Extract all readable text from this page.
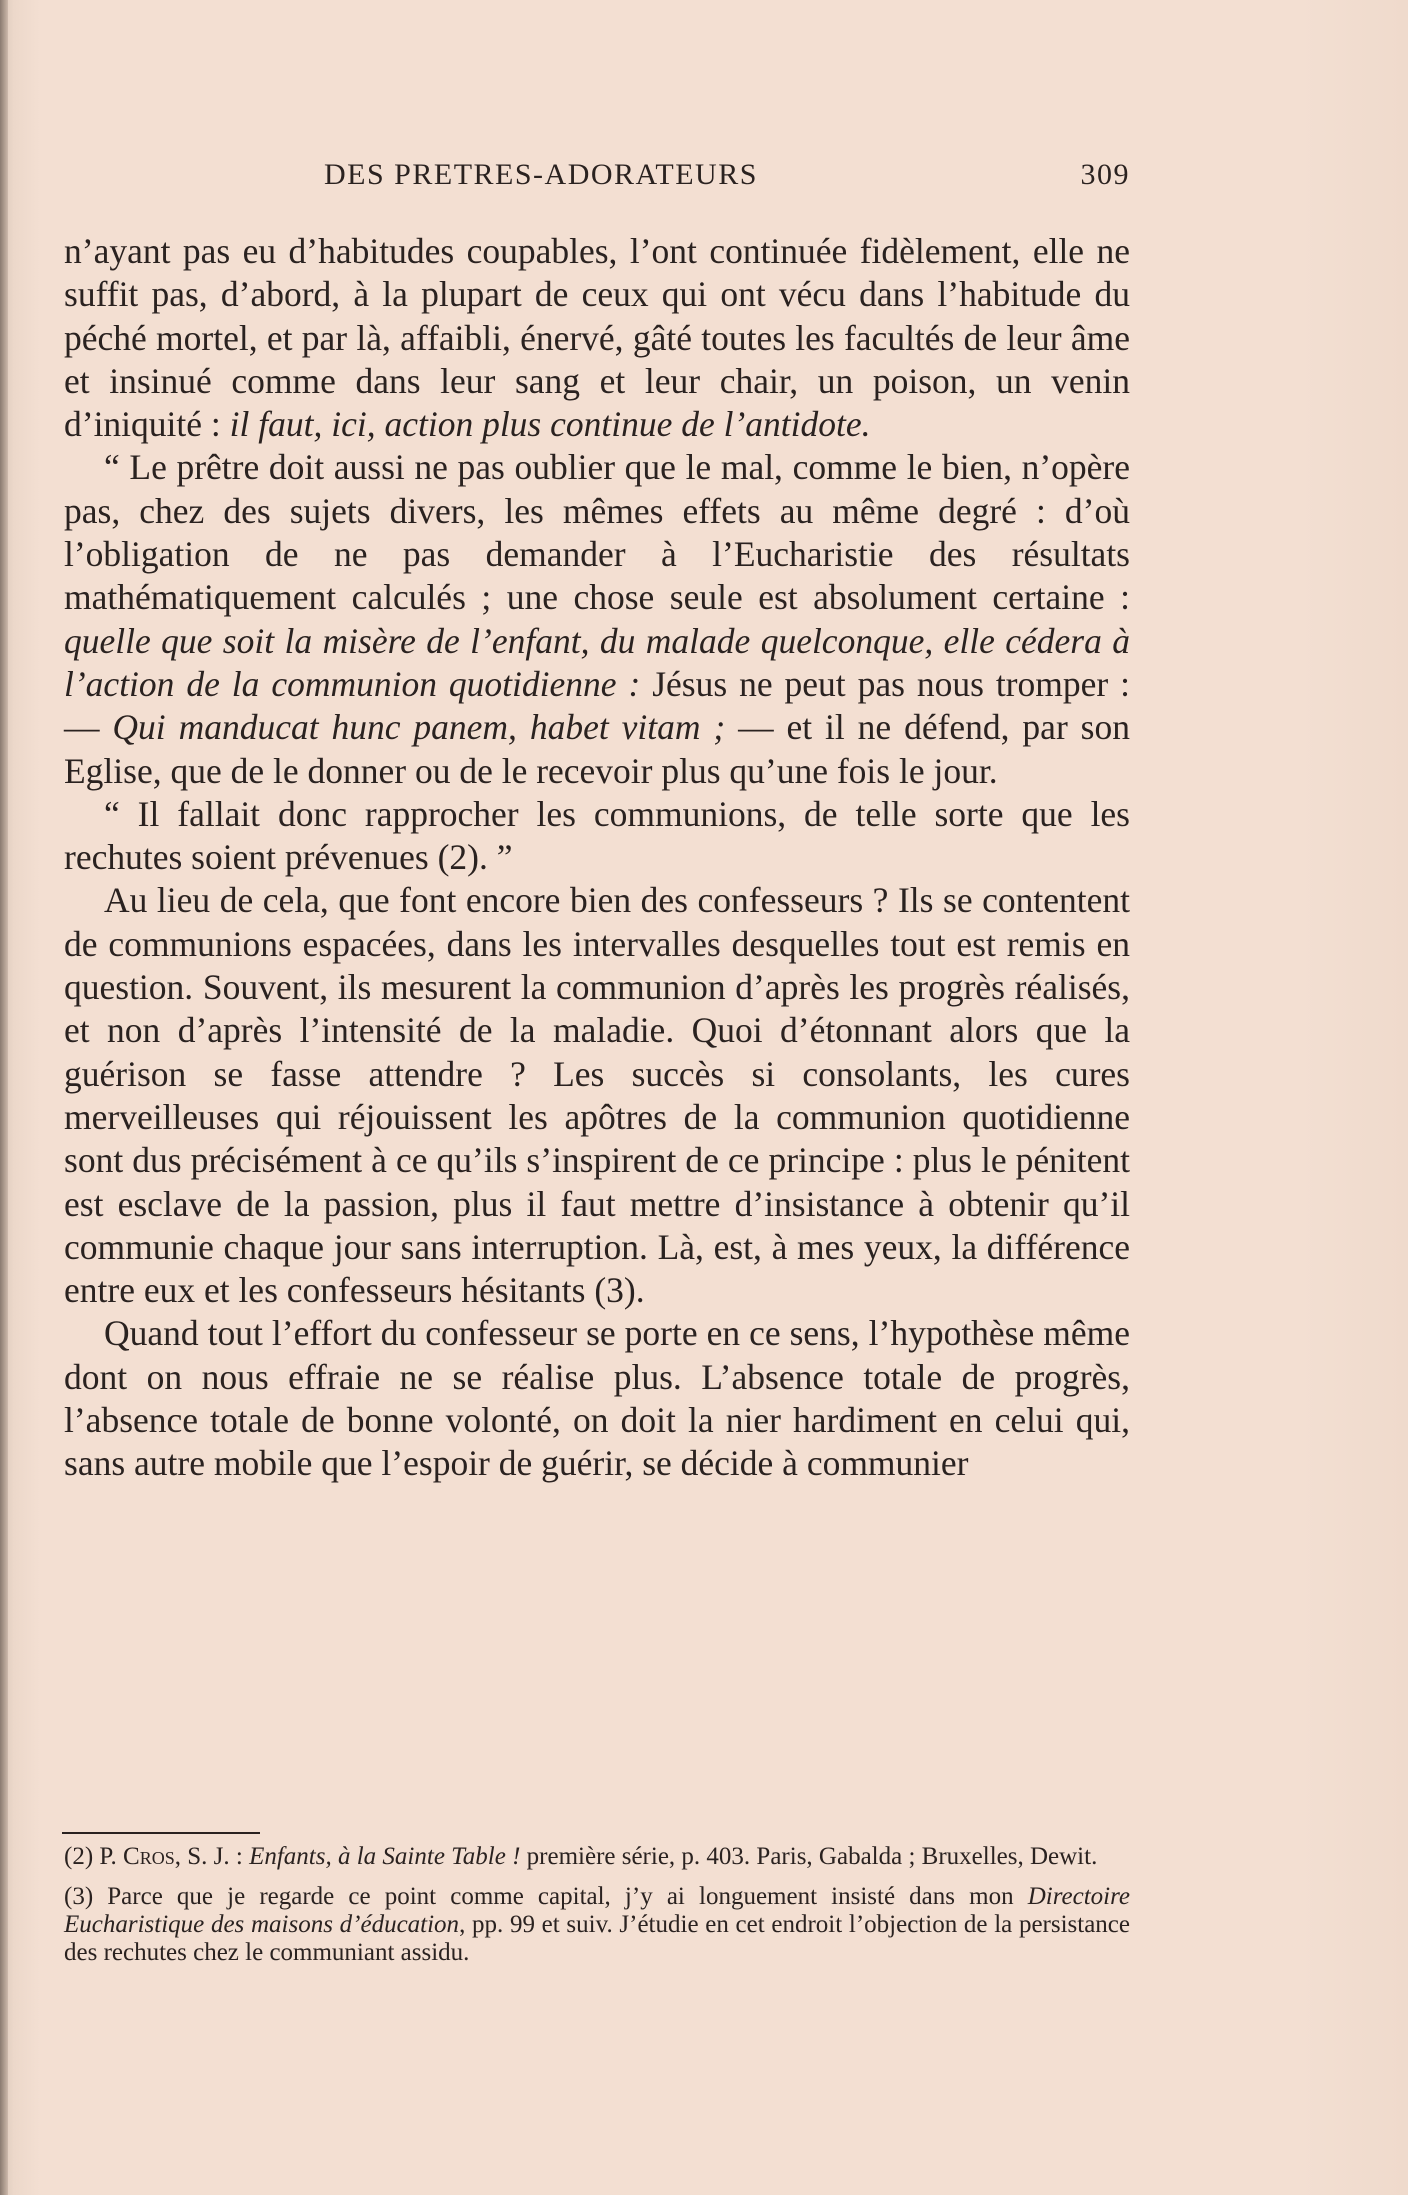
DES PRETRES-ADORATEURS	309

n’ayant pas eu d’habitudes coupables, l’ont continuée fidèlement, elle ne suffit pas, d’abord, à la plupart de ceux qui ont vécu dans l’habitude du péché mortel, et par là, affaibli, énervé, gâté toutes les facultés de leur âme et insinué comme dans leur sang et leur chair, un poison, un venin d’iniquité : il faut, ici, action plus continue de l’antidote.

“ Le prêtre doit aussi ne pas oublier que le mal, comme le bien, n’opère pas, chez des sujets divers, les mêmes effets au même degré : d’où l’obligation de ne pas demander à l’Eucharistie des résultats mathématiquement calculés ; une chose seule est absolument certaine : quelle que soit la misère de l’enfant, du malade quelconque, elle cédera à l’action de la communion quotidienne : Jésus ne peut pas nous tromper : — Qui manducat hunc panem, habet vitam ; — et il ne défend, par son Eglise, que de le donner ou de le recevoir plus qu’une fois le jour.

“ Il fallait donc rapprocher les communions, de telle sorte que les rechutes soient prévenues (2). ”

Au lieu de cela, que font encore bien des confesseurs ? Ils se contentent de communions espacées, dans les intervalles desquelles tout est remis en question. Souvent, ils mesurent la communion d’après les progrès réalisés, et non d’après l’intensité de la maladie. Quoi d’étonnant alors que la guérison se fasse attendre ? Les succès si consolants, les cures merveilleuses qui réjouissent les apôtres de la communion quotidienne sont dus précisément à ce qu’ils s’inspirent de ce principe : plus le pénitent est esclave de la passion, plus il faut mettre d’insistance à obtenir qu’il communie chaque jour sans interruption. Là, est, à mes yeux, la différence entre eux et les confesseurs hésitants (3).

Quand tout l’effort du confesseur se porte en ce sens, l’hypothèse même dont on nous effraie ne se réalise plus. L’absence totale de progrès, l’absence totale de bonne volonté, on doit la nier hardiment en celui qui, sans autre mobile que l’espoir de guérir, se décide à communier

(2) P. Cros, S. J. : Enfants, à la Sainte Table ! première série, p. 403. Paris, Gabalda ; Bruxelles, Dewit.

(3) Parce que je regarde ce point comme capital, j’y ai longuement insisté dans mon Directoire Eucharistique des maisons d’éducation, pp. 99 et suiv. J’étudie en cet endroit l’objection de la persistance des rechutes chez le communiant assidu.
